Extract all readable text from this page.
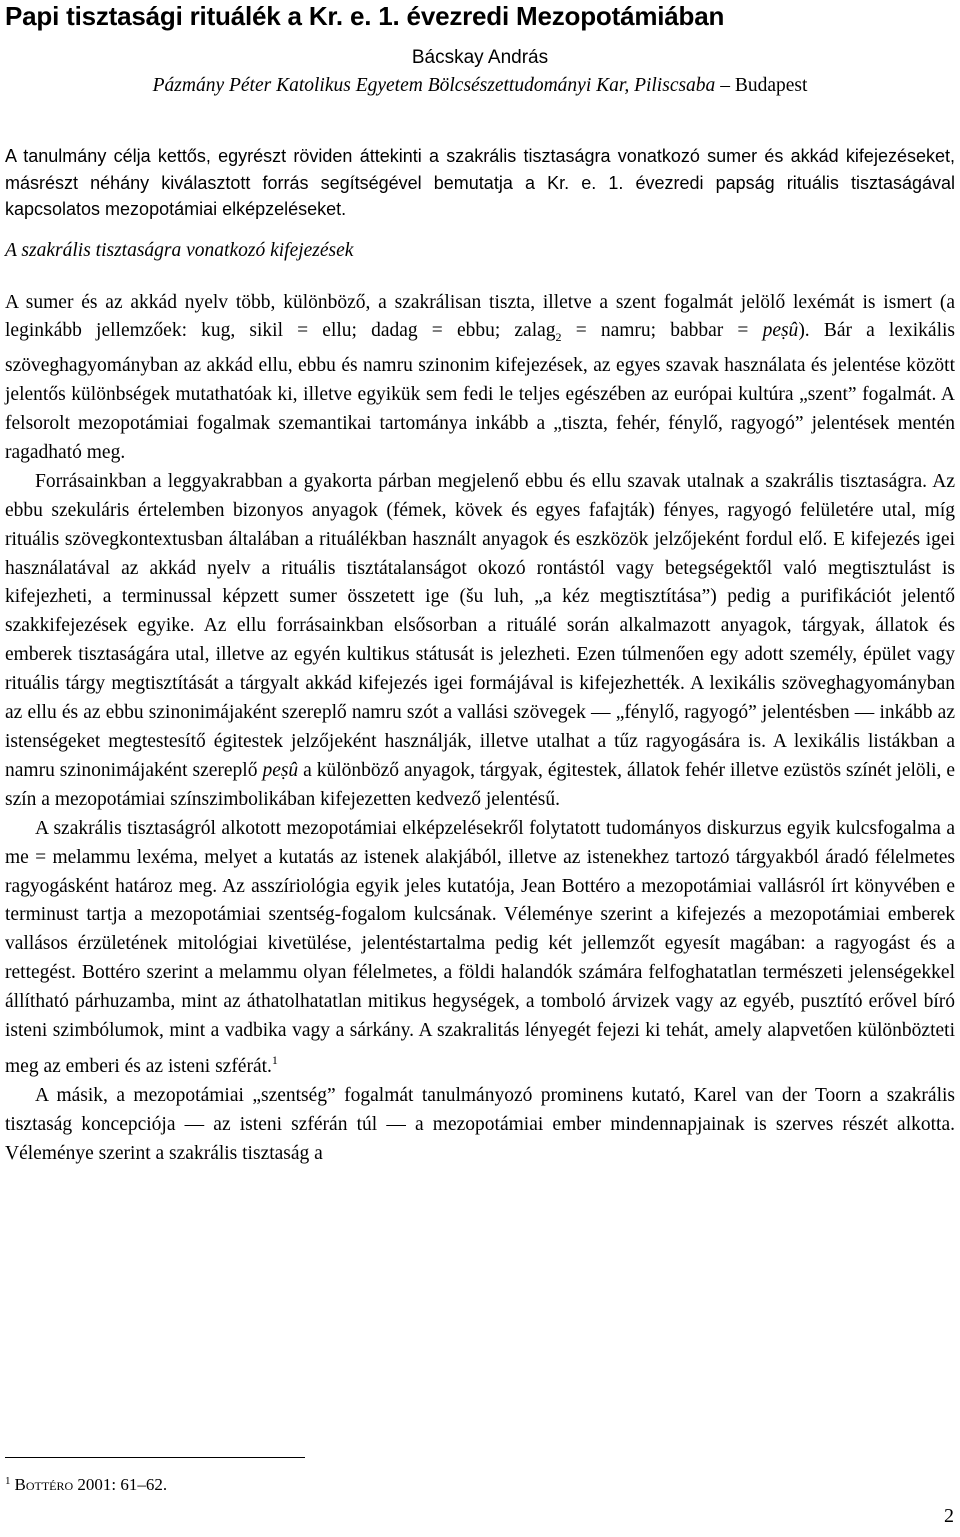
Papi tisztasági rituálék a Kr. e. 1. évezredi Mezopotámiában
Bácskay András
Pázmány Péter Katolikus Egyetem Bölcsészettudományi Kar, Piliscsaba – Budapest
A tanulmány célja kettős, egyrészt röviden áttekinti a szakrális tisztaságra vonatkozó sumer és akkád kifejezéseket, másrészt néhány kiválasztott forrás segítségével bemutatja a Kr. e. 1. évezredi papság rituális tisztaságával kapcsolatos mezopotámiai elképzeléseket.
A szakrális tisztaságra vonatkozó kifejezések

A sumer és az akkád nyelv több, különböző, a szakrálisan tiszta, illetve a szent fogalmát jelölő lexémát is ismert (a leginkább jellemzőek: kug, sikil = ellu; dadag = ebbu; zalag$_2$ = namru; babbar = peṣû). Bár a lexikális szöveghagyományban az akkád ellu, ebbu és namru szinonim kifejezések, az egyes szavak használata és jelentése között jelentős különbségek mutathatóak ki, illetve egyikük sem fedi le teljes egészében az európai kultúra „szent” fogalmát. A felsorolt mezopotámiai fogalmak szemantikai tartománya inkább a „tiszta, fehér, fénylő, ragyogó” jelentések mentén ragadható meg.

Forrásainkban a leggyakrabban a gyakorta párban megjelenő ebbu és ellu szavak utalnak a szakrális tisztaságra. Az ebbu szekuláris értelemben bizonyos anyagok (fémek, kövek és egyes fafajták) fényes, ragyogó felületére utal, míg rituális szövegkontextusban általában a rituálékban használt anyagok és eszközök jelzőjeként fordul elő. E kifejezés igei használatával az akkád nyelv a rituális tisztátalanságot okozó rontástól vagy betegségektől való megtisztulást is kifejezheti, a terminussal képzett sumer összetett ige (šu luh, „a kéz megtisztítása”) pedig a purifikációt jelentő szakkifejezések egyike. Az ellu forrásainkban elsősorban a rituálé során alkalmazott anyagok, tárgyak, állatok és emberek tisztaságára utal, illetve az egyén kultikus státusát is jelezheti. Ezen túlmenően egy adott személy, épület vagy rituális tárgy megtisztítását a tárgyalt akkád kifejezés igei formájával is kifejezhették. A lexikális szöveghagyományban az ellu és az ebbu szinonimájaként szereplő namru szót a vallási szövegek — „fénylő, ragyogó” jelentésben — inkább az istenségeket megtestesítő égitestek jelzőjeként használják, illetve utalhat a tűz ragyogására is. A lexikális listákban a namru szinonimájaként szereplő peṣû a különböző anyagok, tárgyak, égitestek, állatok fehér illetve ezüstös színét jelöli, e szín a mezopotámiai színszimbolikában kifejezetten kedvező jelentésű.

A szakrális tisztaságról alkotott mezopotámiai elképzelésekről folytatott tudományos diskurzus egyik kulcsfogalma a me = melammu lexéma, melyet a kutatás az istenek alakjából, illetve az istenekhez tartozó tárgyakból áradó félelmetes ragyogásként határoz meg. Az asszíriológia egyik jeles kutatója, Jean Bottéro a mezopotámiai vallásról írt könyvében e terminust tartja a mezopotámiai szentség-fogalom kulcsának. Véleménye szerint a kifejezés a mezopotámiai emberek vallásos érzületének mitológiai kivetülése, jelentéstartalma pedig két jellemzőt egyesít magában: a ragyogást és a rettegést. Bottéro szerint a melammu olyan félelmetes, a földi halandók számára felfoghatatlan természeti jelenségekkel állítható párhuzamba, mint az áthatolhatatlan mitikus hegységek, a tomboló árvizek vagy az egyéb, pusztító erővel bíró isteni szimbólumok, mint a vadbika vagy a sárkány. A szakralitás lényegét fejezi ki tehát, amely alapvetően különbözteti meg az emberi és az isteni szférát.$^1$

A másik, a mezopotámiai „szentség” fogalmát tanulmányozó prominens kutató, Karel van der Toorn a szakrális tisztaság koncepciója — az isteni szférán túl — a mezopotámiai ember mindennapjainak is szerves részét alkotta. Véleménye szerint a szakrális tisztaság a

$^1$ Bottéro 2001: 61–62.
2
